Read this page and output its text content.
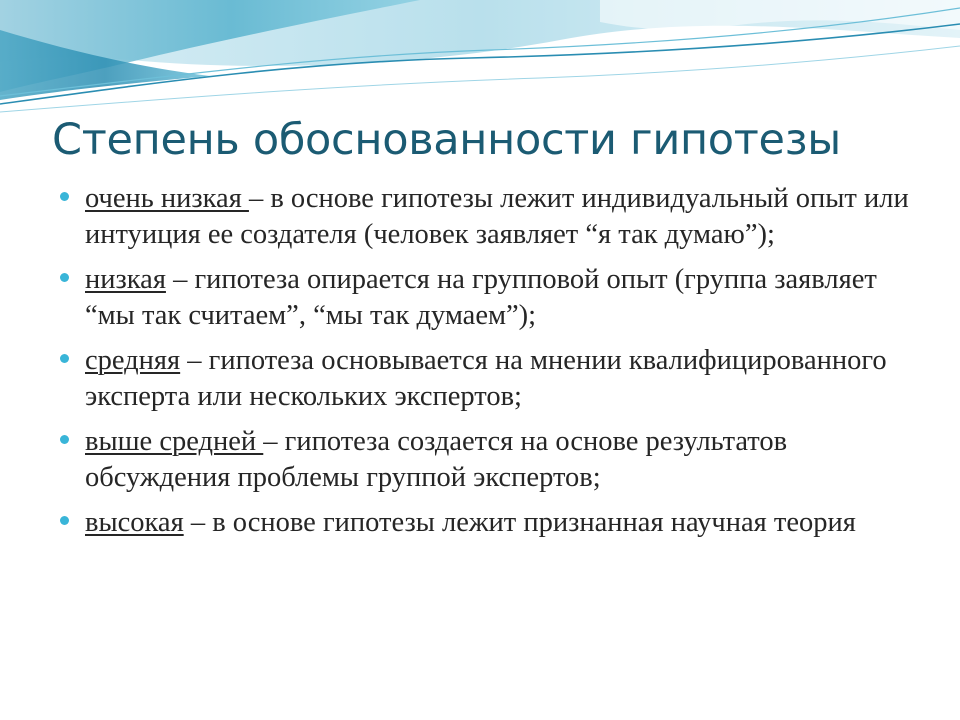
Степень обоснованности гипотезы
очень низкая – в основе гипотезы лежит индивидуальный опыт или интуиция ее создателя (человек заявляет “я так думаю”);
низкая – гипотеза опирается на групповой опыт (группа заявляет “мы так считаем”, “мы так думаем”);
средняя – гипотеза основывается на мнении квалифицированного эксперта или нескольких экспертов;
выше средней – гипотеза создается на основе результатов  обсуждения проблемы группой экспертов;
высокая – в основе гипотезы лежит признанная научная теория
